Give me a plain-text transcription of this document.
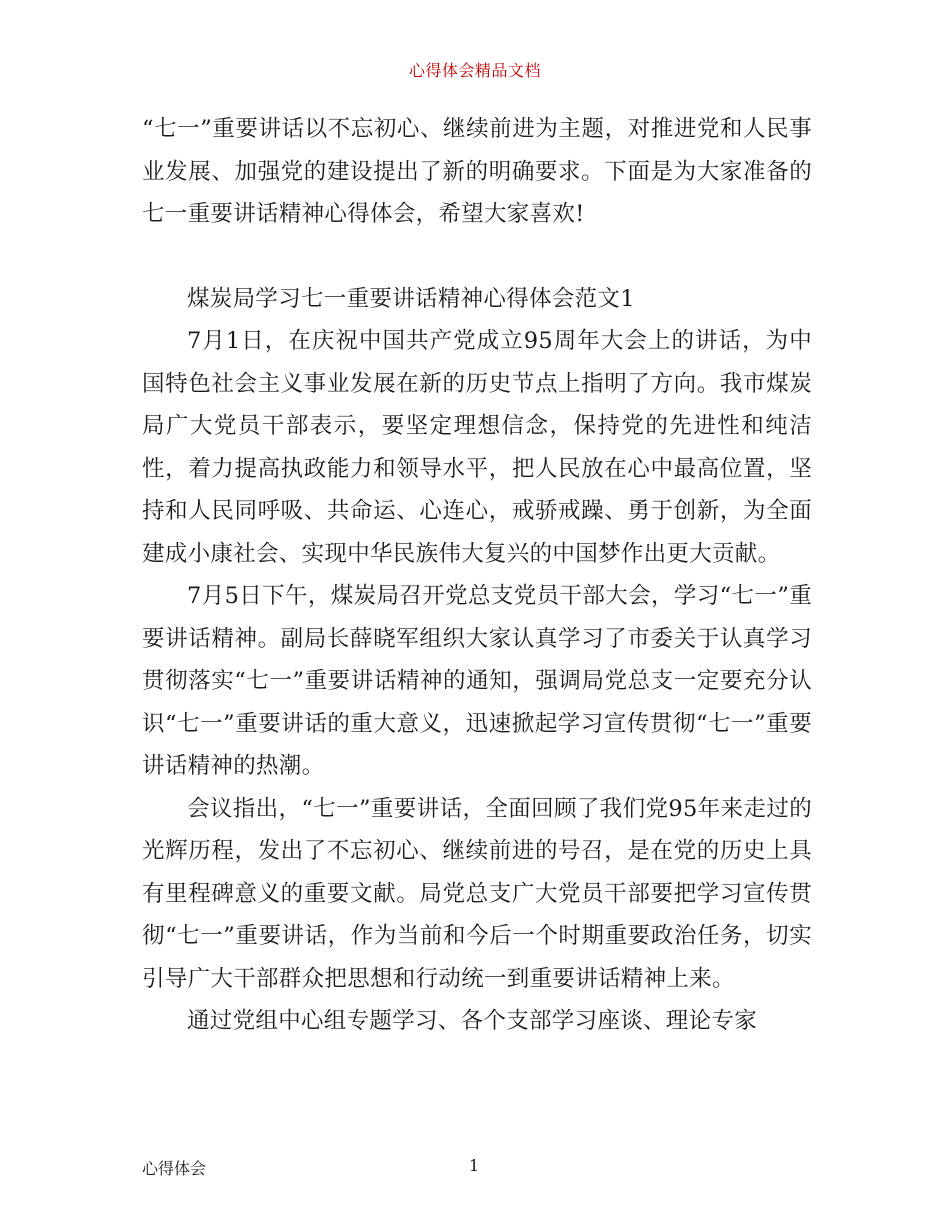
心得体会精品文档

“七一”重要讲话以不忘初心、继续前进为主题，对推进党和人民事业发展、加强党的建设提出了新的明确要求。下面是为大家准备的七一重要讲话精神心得体会，希望大家喜欢!

煤炭局学习七一重要讲话精神心得体会范文1

7月1日，在庆祝中国共产党成立95周年大会上的讲话，为中国特色社会主义事业发展在新的历史节点上指明了方向。我市煤炭局广大党员干部表示，要坚定理想信念，保持党的先进性和纯洁性，着力提高执政能力和领导水平，把人民放在心中最高位置，坚持和人民同呼吸、共命运、心连心，戒骄戒躁、勇于创新，为全面建成小康社会、实现中华民族伟大复兴的中国梦作出更大贡献。

7月5日下午，煤炭局召开党总支党员干部大会，学习“七一”重要讲话精神。副局长薛晓军组织大家认真学习了市委关于认真学习贯彻落实“七一”重要讲话精神的通知，强调局党总支一定要充分认识“七一”重要讲话的重大意义，迅速掀起学习宣传贯彻“七一”重要讲话精神的热潮。

会议指出，“七一”重要讲话，全面回顾了我们党95年来走过的光辉历程，发出了不忘初心、继续前进的号召，是在党的历史上具有里程碑意义的重要文献。局党总支广大党员干部要把学习宣传贯彻“七一”重要讲话，作为当前和今后一个时期重要政治任务，切实引导广大干部群众把思想和行动统一到重要讲话精神上来。

通过党组中心组专题学习、各个支部学习座谈、理论专家

心得体会	1
